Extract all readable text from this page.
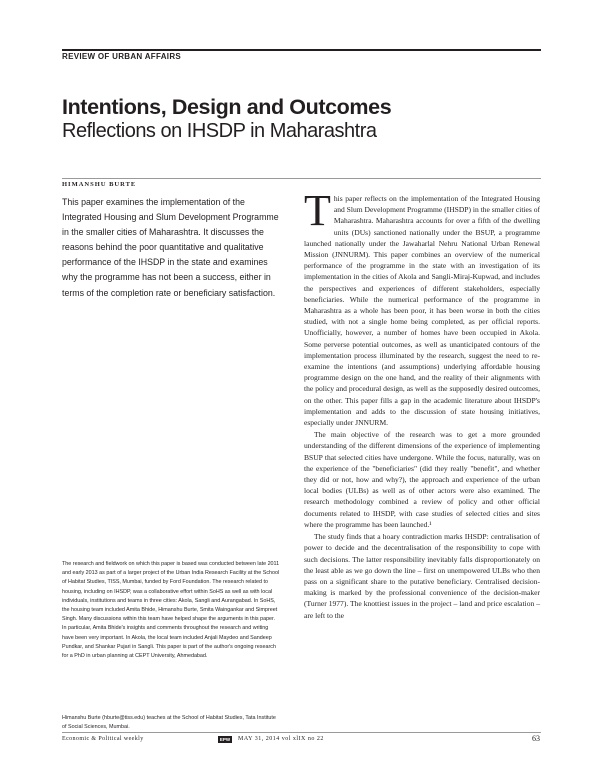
REVIEW OF URBAN AFFAIRS
Intentions, Design and Outcomes
Reflections on IHSDP in Maharashtra
HIMANSHU BURTE

This paper examines the implementation of the Integrated Housing and Slum Development Programme in the smaller cities of Maharashtra. It discusses the reasons behind the poor quantitative and qualitative performance of the IHSDP in the state and examines why the programme has not been a success, either in terms of the completion rate or beneficiary satisfaction.

The research and fieldwork on which this paper is based was conducted between late 2011 and early 2013 as part of a larger project of the Urban India Research Facility at the School of Habitat Studies, TISS, Mumbai, funded by Ford Foundation. The research related to housing, including on IHSDP, was a collaborative effort within SoHS as well as with local individuals, institutions and teams in three cities: Akola, Sangli and Aurangabad. In SoHS, the housing team included Amita Bhide, Himanshu Burte, Smita Waingankar and Simpreet Singh. Many discussions within this team have helped shape the arguments in this paper. In particular, Amita Bhide's insights and comments throughout the research and writing have been very important. In Akola, the local team included Anjali Maydeo and Sandeep Pundkar, and Shankar Pujari in Sangli. This paper is part of the author's ongoing research for a PhD in urban planning at CEPT University, Ahmedabad.

Himanshu Burte (hburte@tiss.edu) teaches at the School of Habitat Studies, Tata Institute of Social Sciences, Mumbai.

T his paper reflects on the implementation of the Integrated Housing and Slum Development Programme (IHSDP) in the smaller cities of Maharashtra. Maharashtra accounts for over a fifth of the dwelling units (DUs) sanctioned nationally under the BSUP, a programme launched nationally under the Jawaharlal Nehru National Urban Renewal Mission (JNNURM). This paper combines an overview of the numerical performance of the programme in the state with an investigation of its implementation in the cities of Akola and Sangli-Miraj-Kupwad, and includes the perspectives and experiences of different stakeholders, especially beneficiaries. While the numerical performance of the programme in Maharashtra as a whole has been poor, it has been worse in both the cities studied, with not a single home being completed, as per official reports. Unofficially, however, a number of homes have been occupied in Akola. Some perverse potential outcomes, as well as unanticipated contours of the implementation process illuminated by the research, suggest the need to re-examine the intentions (and assumptions) underlying affordable housing programme design on the one hand, and the reality of their alignments with the policy and procedural design, as well as the supposedly desired outcomes, on the other. This paper fills a gap in the academic literature about IHSDP's implementation and adds to the discussion of state housing initiatives, especially under JNNURM.

The main objective of the research was to get a more grounded understanding of the different dimensions of the experience of implementing BSUP that selected cities have undergone. While the focus, naturally, was on the experience of the "beneficiaries" (did they really "benefit", and whether they did or not, how and why?), the approach and experience of the urban local bodies (ULBs) as well as of other actors were also examined. The research methodology combined a review of policy and other official documents related to IHSDP, with case studies of selected cities and sites where the programme has been launched.¹

The study finds that a hoary contradiction marks IHSDP: centralisation of power to decide and the decentralisation of the responsibility to cope with such decisions. The latter responsibility inevitably falls disproportionately on the least able as we go down the line – first on unempowered ULBs who then pass on a significant share to the putative beneficiary. Centralised decision-making is marked by the professional convenience of the decision-maker (Turner 1977). The knottiest issues in the project – land and price escalation – are left to the

Economic & Political weekly	EPW	MAY 31, 2014 vol xlIX no 22	63
